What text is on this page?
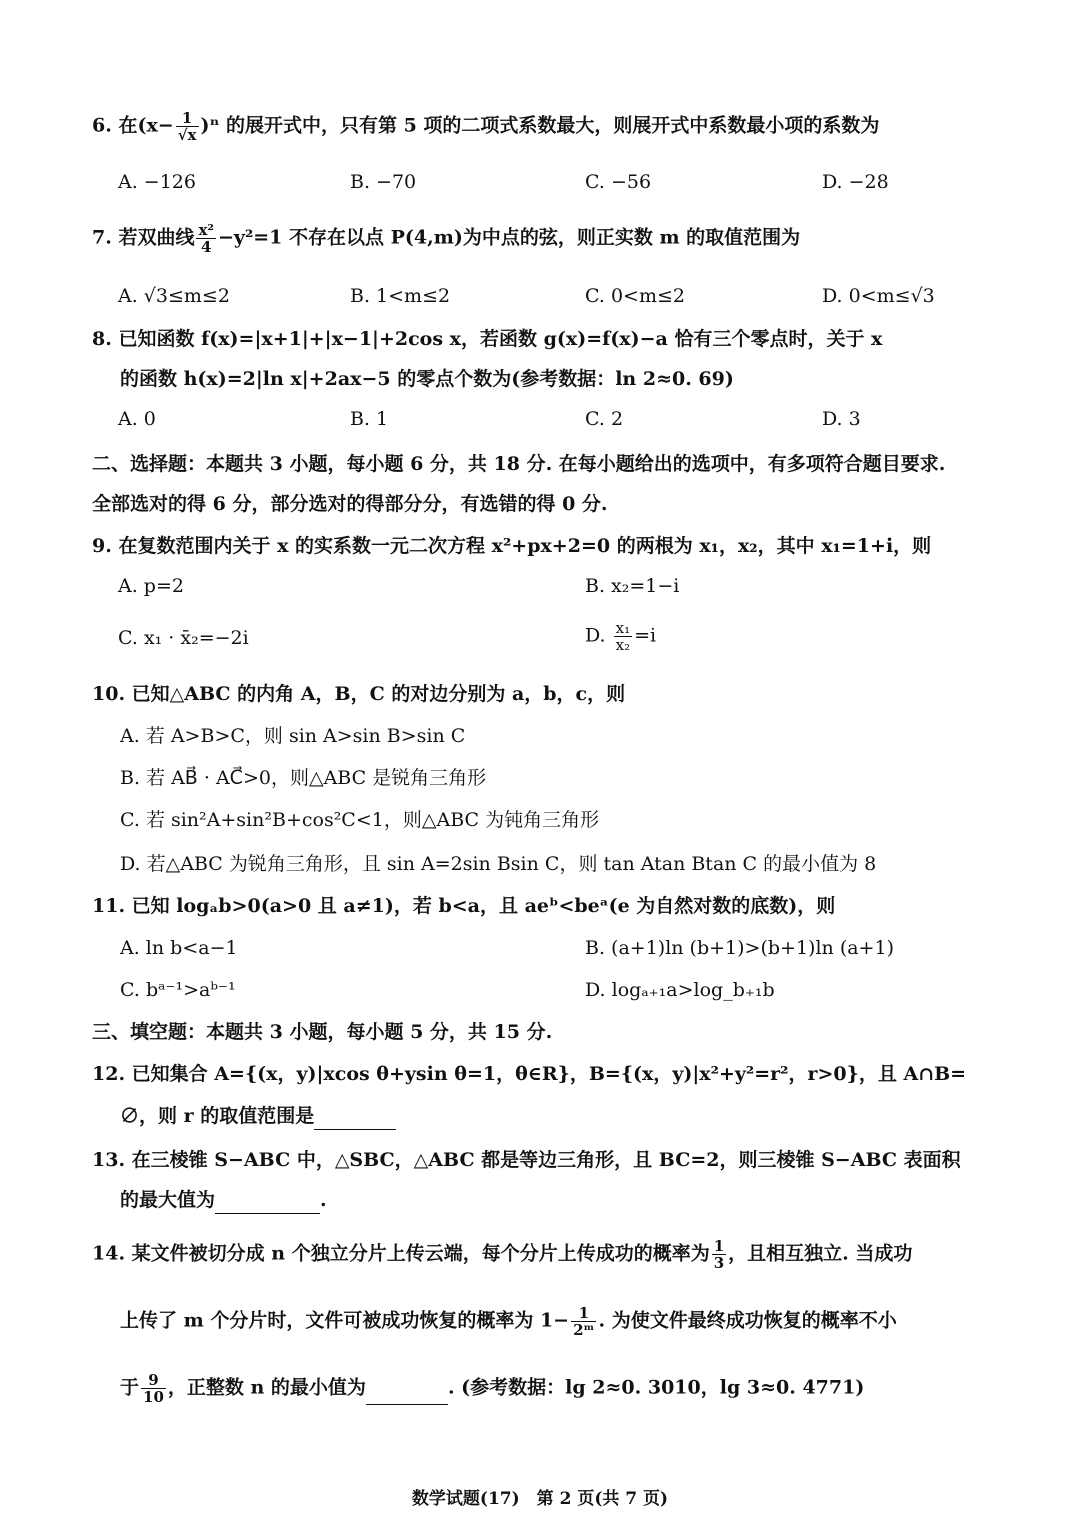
6. 在$(x- \frac{1}{√x} )^n$ 的展开式中，只有第 5 项的二项式系数最大，则展开式中系数最小项的系数为
A. −126	B. −70	C. −56	D. −28
7. 若双曲线 $\frac{\text{x²}}{4} -y^2=1$ 不存在以点 P(4,m)为中点的弦，则正实数 m 的取值范围为
A. √3≤m≤2	B. 1<m≤2	C. 0<m≤2	D. 0<m≤√3
8. 已知函数 f(x)=|x+1|+|x−1|+2cos x，若函数 g(x)=f(x)−a 恰有三个零点时，关于 x
的函数 h(x)=2|ln x|+2ax−5 的零点个数为(参考数据：ln 2≈0. 69)
A. 0	B. 1	C. 2	D. 3
二、选择题：本题共 3 小题，每小题 6 分，共 18 分. 在每小题给出的选项中，有多项符合题目要求.
全部选对的得 6 分，部分选对的得部分分，有选错的得 0 分.
9. 在复数范围内关于 x 的实系数一元二次方程 x²+px+2=0 的两根为 x₁，x₂，其中 x₁=1+i，则
A. p=2	B. x₂=1−i
C. x₁ · x̄₂=−2i	D. $\frac{\text{x₁}}{\text{x₂}} =i$
10. 已知△ABC 的内角 A，B，C 的对边分别为 a，b，c，则
A. 若 A>B>C，则 sin A>sin B>sin C
B. 若 AB⃗ · AC⃗>0，则△ABC 是锐角三角形
C. 若 sin²A+sin²B+cos²C<1，则△ABC 为钝角三角形
D. 若△ABC 为锐角三角形，且 sin A=2sin Bsin C，则 tan Atan Btan C 的最小值为 8
11. 已知 logₐb>0(a>0 且 a≠1)，若 b<a，且 aeᵇ<beᵃ(e 为自然对数的底数)，则
A. ln b<a−1	B. (a+1)ln (b+1)>(b+1)ln (a+1)
C. bᵃ⁻¹>aᵇ⁻¹	D. logₐ₊₁a>log_b₊₁b
三、填空题：本题共 3 小题，每小题 5 分，共 15 分.
12. 已知集合 A={(x，y)|xcos θ+ysin θ=1，θ∈R}，B={(x，y)|x²+y²=r²，r>0}，且 A∩B=
∅，则 r 的取值范围是
13. 在三棱锥 S−ABC 中，△SBC，△ABC 都是等边三角形，且 BC=2，则三棱锥 S−ABC 表面积
的最大值为	.
14. 某文件被切分成 n 个独立分片上传云端，每个分片上传成功的概率为 $\frac{1}{3}$ ，且相互独立. 当成功
上传了 m 个分片时，文件可被成功恢复的概率为 $1- \frac{1}{\text{2ᵐ}}$ . 为使文件最终成功恢复的概率不小
于 $\frac{9}{10}$ ，正整数 n 的最小值为	. (参考数据：lg 2≈0. 3010，lg 3≈0. 4771)
数学试题(17)　第 2 页(共 7 页)
